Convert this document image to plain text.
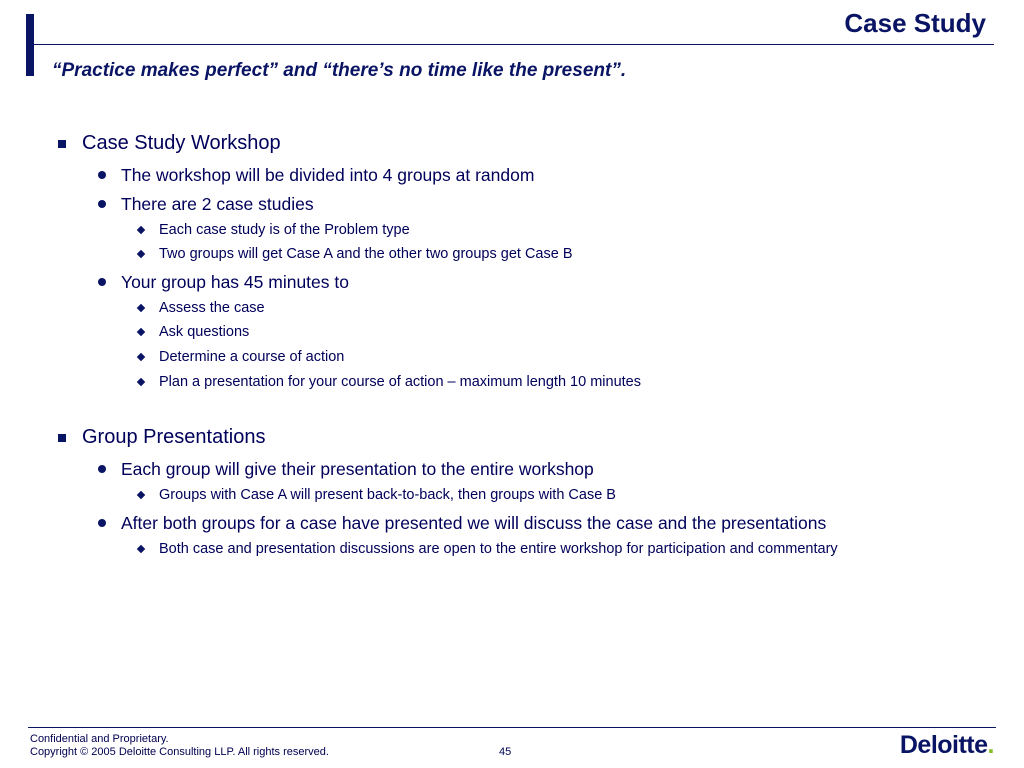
Case Study
“Practice makes perfect” and “there’s no time like the present”.
Case Study Workshop
The workshop will be divided into 4 groups at random
There are 2 case studies
Each case study is of the Problem type
Two groups will get Case A and the other two groups get Case B
Your group has 45 minutes to
Assess the case
Ask questions
Determine a course of action
Plan a presentation for your course of action – maximum length 10 minutes
Group Presentations
Each group will give their presentation to the entire workshop
Groups with Case A will present back-to-back, then groups with Case B
After both groups for a case have presented we will discuss the case and the presentations
Both case and presentation discussions are open to the entire workshop for participation and commentary
Confidential and Proprietary.
Copyright © 2005 Deloitte Consulting LLP. All rights reserved.	45	Deloitte.
